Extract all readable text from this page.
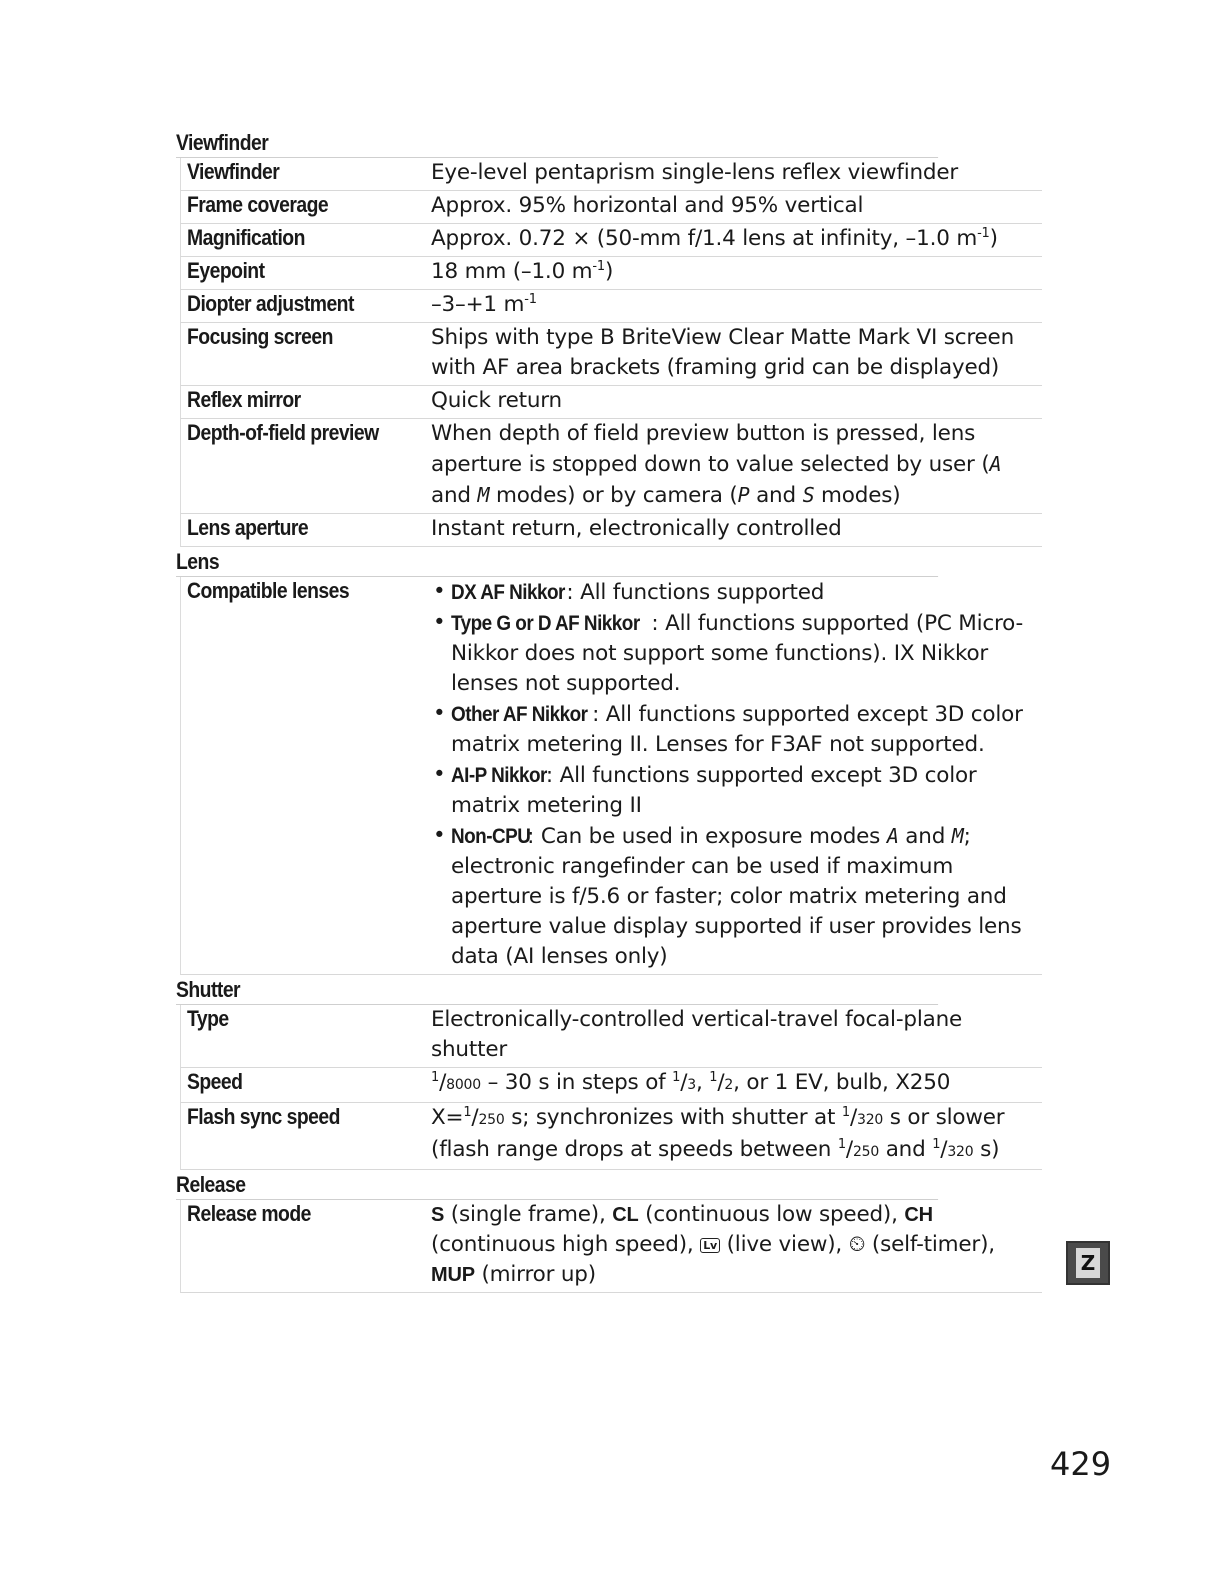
Viewfinder
Viewfinder	Eye-level pentaprism single-lens reflex viewfinder
Frame coverage	Approx. 95% horizontal and 95% vertical
Magnification	Approx. 0.72 × (50-mm f/1.4 lens at infinity, –1.0 $m^{-1}$)
Eyepoint	18 mm (–1.0 $m^{-1}$)
Diopter adjustment	–3–+1 $m^{-1}$
Focusing screen	Ships with type B BriteView Clear Matte Mark VI screen with AF area brackets (framing grid can be displayed)
Reflex mirror	Quick return
Depth-of-field preview	When depth of field preview button is pressed, lens aperture is stopped down to value selected by user (A and M modes) or by camera (P and S modes)
Lens aperture	Instant return, electronically controlled
Lens
Compatible lenses
•	DX AF Nikkor: All functions supported
• Type G or D AF Nikkor : All functions supported (PC Micro-Nikkor does not support some functions). IX Nikkor lenses not supported.
• Other AF Nikkor : All functions supported except 3D color matrix metering II. Lenses for F3AF not supported.
• AI-P Nikkor: All functions supported except 3D color matrix metering II
• Non-CPU: Can be used in exposure modes A and M; electronic rangefinder can be used if maximum aperture is f/5.6 or faster; color matrix metering and aperture value display supported if user provides lens data (AI lenses only)
Shutter
Type	Electronically-controlled vertical-travel focal-plane shutter
Speed	$^1$/8000 – 30 s in steps of $^1$/3, $^1$/2, or 1 EV, bulb, X250
Flash sync speed	X=$^1$/250 s; synchronizes with shutter at $^1$/320 s or slower (flash range drops at speeds between $^1$/250 and $^1$/320 s)
Release
Release mode	S (single frame), CL (continuous low speed), CH (continuous high speed), Lv (live view), ⏲ (self-timer), MUP (mirror up)	Z
429
